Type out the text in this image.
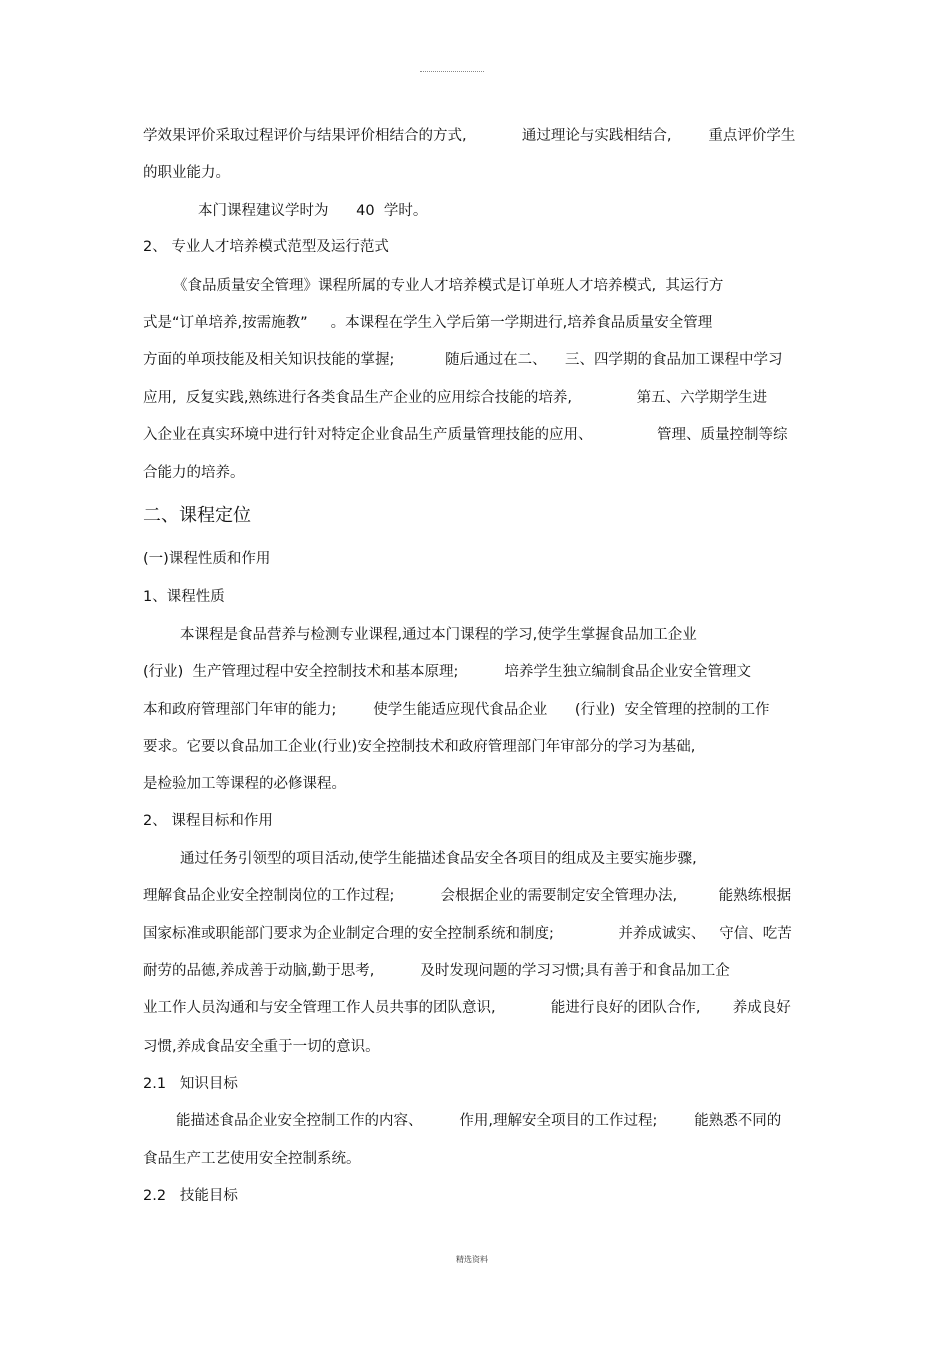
学效果评价采取过程评价与结果评价相结合的方式,            通过理论与实践相结合,        重点评价学生
的职业能力。
本门课程建议学时为      40  学时。
2、 专业人才培养模式范型及运行范式
《食品质量安全管理》课程所属的专业人才培养模式是订单班人才培养模式,  其运行方
式是“订单培养,按需施教”     。本课程在学生入学后第一学期进行,培养食品质量安全管理
方面的单项技能及相关知识技能的掌握;           随后通过在二、    三、四学期的食品加工课程中学习
应用,  反复实践,熟练进行各类食品生产企业的应用综合技能的培养,              第五、六学期学生进
入企业在真实环境中进行针对特定企业食品生产质量管理技能的应用、              管理、质量控制等综
合能力的培养。
二、课程定位
(一)课程性质和作用
1、课程性质
本课程是食品营养与检测专业课程,通过本门课程的学习,使学生掌握食品加工企业
(行业)  生产管理过程中安全控制技术和基本原理;          培养学生独立编制食品企业安全管理文
本和政府管理部门年审的能力;        使学生能适应现代食品企业      (行业)  安全管理的控制的工作
要求。它要以食品加工企业(行业)安全控制技术和政府管理部门年审部分的学习为基础,
是检验加工等课程的必修课程。
2、 课程目标和作用
通过任务引领型的项目活动,使学生能描述食品安全各项目的组成及主要实施步骤,
理解食品企业安全控制岗位的工作过程;          会根据企业的需要制定安全管理办法,         能熟练根据
国家标准或职能部门要求为企业制定合理的安全控制系统和制度;              并养成诚实、   守信、吃苦
耐劳的品德,养成善于动脑,勤于思考,          及时发现问题的学习习惯;具有善于和食品加工企
业工作人员沟通和与安全管理工作人员共事的团队意识,            能进行良好的团队合作,       养成良好
习惯,养成食品安全重于一切的意识。
2.1   知识目标
能描述食品企业安全控制工作的内容、        作用,理解安全项目的工作过程;        能熟悉不同的
食品生产工艺使用安全控制系统。
2.2   技能目标
精选资料
